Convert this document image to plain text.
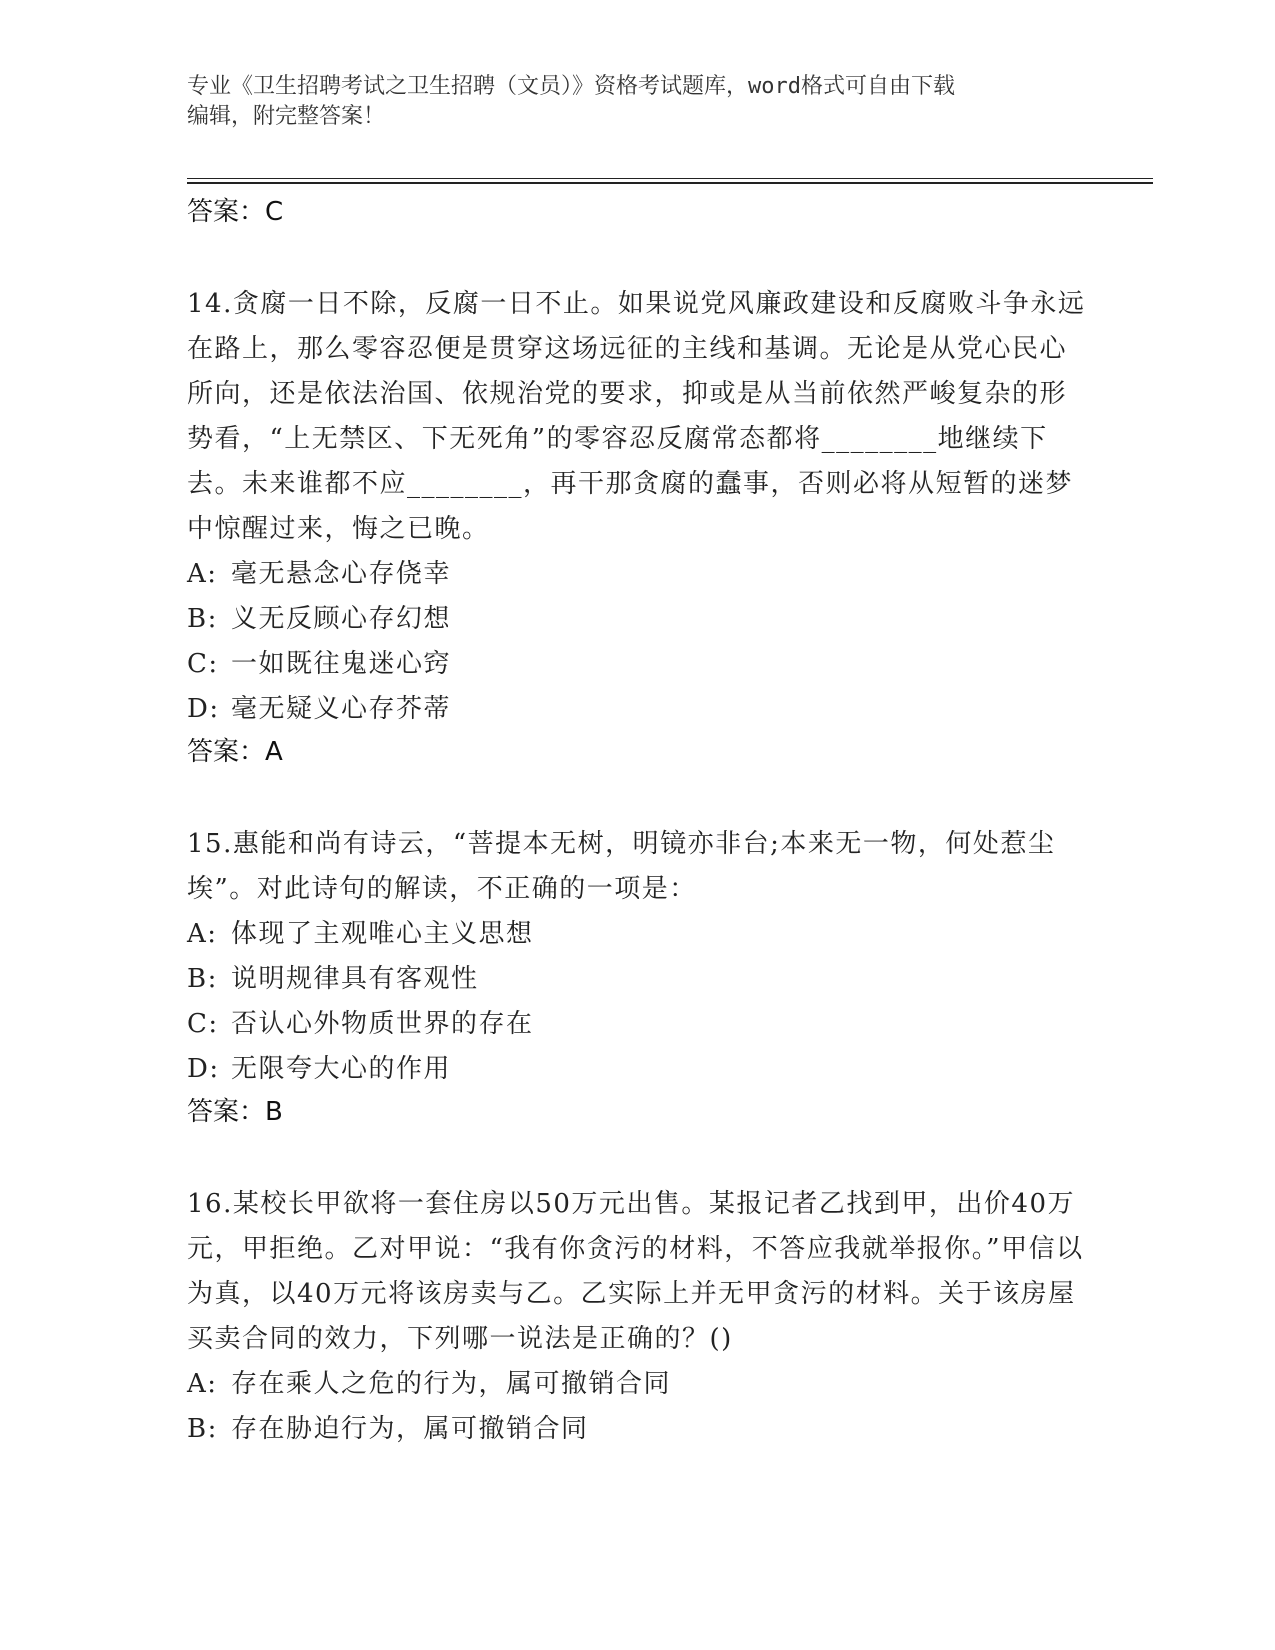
专业《卫生招聘考试之卫生招聘（文员）》资格考试题库，word格式可自由下载
编辑，附完整答案！
答案：C

14.贪腐一日不除，反腐一日不止。如果说党风廉政建设和反腐败斗争永远在路上，那么零容忍便是贯穿这场远征的主线和基调。无论是从党心民心所向，还是依法治国、依规治党的要求，抑或是从当前依然严峻复杂的形势看，“上无禁区、下无死角”的零容忍反腐常态都将________地继续下去。未来谁都不应________，再干那贪腐的蠢事，否则必将从短暂的迷梦中惊醒过来，悔之已晚。

A: 毫无悬念心存侥幸
B: 义无反顾心存幻想
C: 一如既往鬼迷心窍
D: 毫无疑义心存芥蒂
答案：A

15.惠能和尚有诗云，“菩提本无树，明镜亦非台;本来无一物，何处惹尘埃”。对此诗句的解读，不正确的一项是：

A: 体现了主观唯心主义思想
B: 说明规律具有客观性
C: 否认心外物质世界的存在
D: 无限夸大心的作用
答案：B

16.某校长甲欲将一套住房以50万元出售。某报记者乙找到甲，出价40万元，甲拒绝。乙对甲说：“我有你贪污的材料，不答应我就举报你。”甲信以为真，以40万元将该房卖与乙。乙实际上并无甲贪污的材料。关于该房屋买卖合同的效力，下列哪一说法是正确的？()

A: 存在乘人之危的行为，属可撤销合同
B: 存在胁迫行为，属可撤销合同
